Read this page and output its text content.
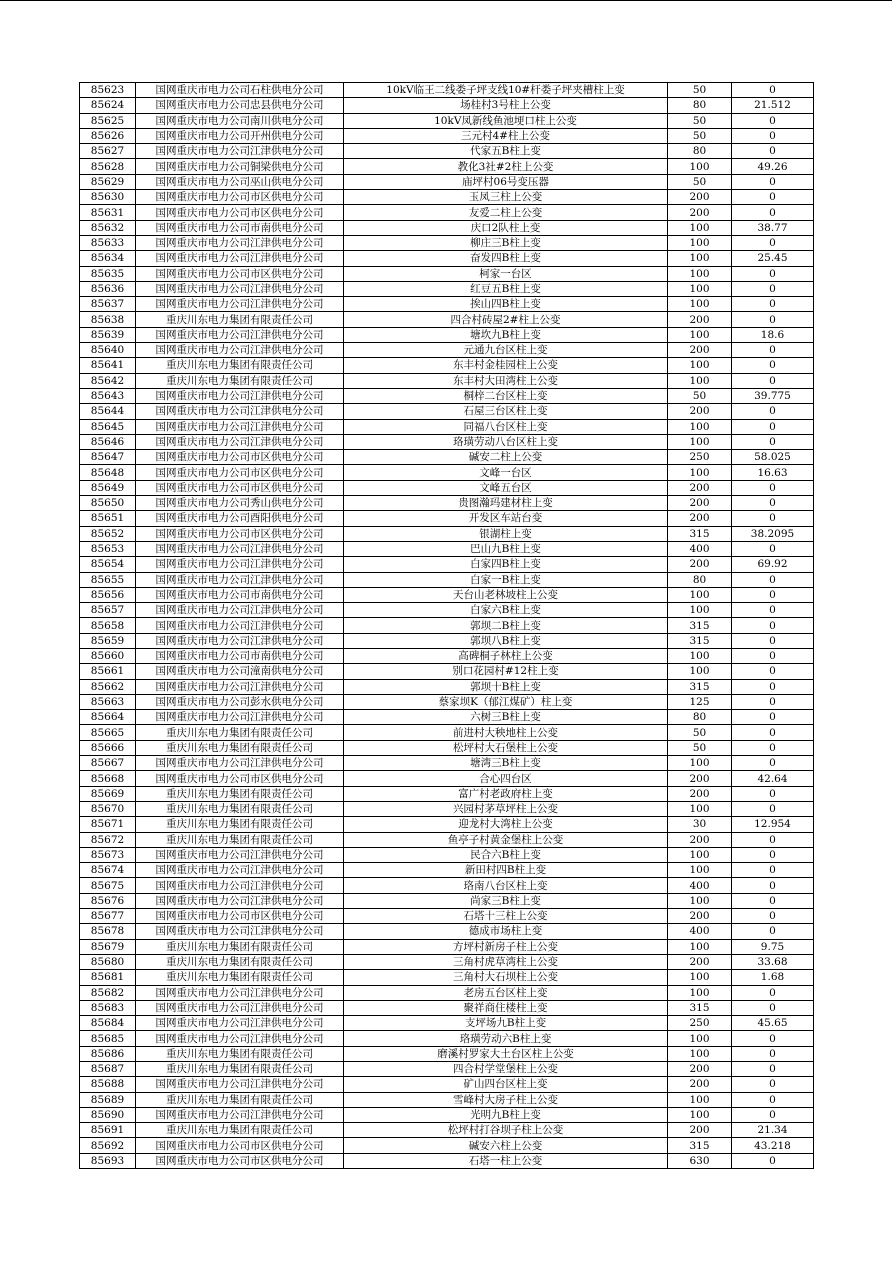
85623	国网重庆市电力公司石柱供电分公司	10kV临王二线娄子坪支线10#杆娄子坪夹槽柱上变	50	0
85624	国网重庆市电力公司忠县供电分公司	场桂村3号柱上公变	80	21.512
85625	国网重庆市电力公司南川供电分公司	10kV凤新线鱼池埂口柱上公变	50	0
85626	国网重庆市电力公司开州供电分公司	三元村4#柱上公变	50	0
85627	国网重庆市电力公司江津供电分公司	代家五B柱上变	80	0
85628	国网重庆市电力公司铜梁供电分公司	教化3社#2柱上公变	100	49.26
85629	国网重庆市电力公司巫山供电分公司	庙坪村06号变压器	50	0
85630	国网重庆市电力公司市区供电分公司	玉凤三柱上公变	200	0
85631	国网重庆市电力公司市区供电分公司	友爱二柱上公变	200	0
85632	国网重庆市电力公司市南供电分公司	庆口2队柱上变	100	38.77
85633	国网重庆市电力公司江津供电分公司	柳庄三B柱上变	100	0
85634	国网重庆市电力公司江津供电分公司	奋发四B柱上变	100	25.45
85635	国网重庆市电力公司市区供电分公司	柯家一台区	100	0
85636	国网重庆市电力公司江津供电分公司	红豆五B柱上变	100	0
85637	国网重庆市电力公司江津供电分公司	挨山四B柱上变	100	0
85638	重庆川东电力集团有限责任公司	四合村砖屋2#柱上公变	200	0
85639	国网重庆市电力公司江津供电分公司	塘坎九B柱上变	100	18.6
85640	国网重庆市电力公司江津供电分公司	元通九台区柱上变	200	0
85641	重庆川东电力集团有限责任公司	东丰村金桂园柱上公变	100	0
85642	重庆川东电力集团有限责任公司	东丰村大田湾柱上公变	100	0
85643	国网重庆市电力公司江津供电分公司	桐梓二台区柱上变	50	39.775
85644	国网重庆市电力公司江津供电分公司	石屋三台区柱上变	200	0
85645	国网重庆市电力公司江津供电分公司	同福八台区柱上变	100	0
85646	国网重庆市电力公司江津供电分公司	珞璜劳动八台区柱上变	100	0
85647	国网重庆市电力公司市区供电分公司	碱安二柱上公变	250	58.025
85648	国网重庆市电力公司市区供电分公司	文峰一台区	100	16.63
85649	国网重庆市电力公司市区供电分公司	文峰五台区	200	0
85650	国网重庆市电力公司秀山供电分公司	贵图瀚玛建材柱上变	200	0
85651	国网重庆市电力公司酉阳供电分公司	开发区车站台变	200	0
85652	国网重庆市电力公司市区供电分公司	银湖柱上变	315	38.2095
85653	国网重庆市电力公司江津供电分公司	巴山九B柱上变	400	0
85654	国网重庆市电力公司江津供电分公司	白家四B柱上变	200	69.92
85655	国网重庆市电力公司江津供电分公司	白家一B柱上变	80	0
85656	国网重庆市电力公司市南供电分公司	天台山老林坡柱上公变	100	0
85657	国网重庆市电力公司江津供电分公司	白家六B柱上变	100	0
85658	国网重庆市电力公司江津供电分公司	郭坝二B柱上变	315	0
85659	国网重庆市电力公司江津供电分公司	郭坝八B柱上变	315	0
85660	国网重庆市电力公司市南供电分公司	高碑桐子林柱上公变	100	0
85661	国网重庆市电力公司潼南供电分公司	别口花园村#12柱上变	100	0
85662	国网重庆市电力公司江津供电分公司	郭坝十B柱上变	315	0
85663	国网重庆市电力公司彭水供电分公司	蔡家坝K（郁江煤矿）柱上变	125	0
85664	国网重庆市电力公司江津供电分公司	六树三B柱上变	80	0
85665	重庆川东电力集团有限责任公司	前进村大秧地柱上公变	50	0
85666	重庆川东电力集团有限责任公司	松坪村大石堡柱上公变	50	0
85667	国网重庆市电力公司江津供电分公司	塘湾三B柱上变	100	0
85668	国网重庆市电力公司市区供电分公司	合心四台区	200	42.64
85669	重庆川东电力集团有限责任公司	富广村老政府柱上变	200	0
85670	重庆川东电力集团有限责任公司	兴园村茅草坪柱上公变	100	0
85671	重庆川东电力集团有限责任公司	迎龙村大湾柱上公变	30	12.954
85672	重庆川东电力集团有限责任公司	鱼亭子村黄金堡柱上公变	200	0
85673	国网重庆市电力公司江津供电分公司	民合六B柱上变	100	0
85674	国网重庆市电力公司江津供电分公司	新田村四B柱上变	100	0
85675	国网重庆市电力公司江津供电分公司	珞南八台区柱上变	400	0
85676	国网重庆市电力公司江津供电分公司	尚家三B柱上变	100	0
85677	国网重庆市电力公司市区供电分公司	石塔十三柱上公变	200	0
85678	国网重庆市电力公司江津供电分公司	德成市场柱上变	400	0
85679	重庆川东电力集团有限责任公司	方坪村新房子柱上公变	100	9.75
85680	重庆川东电力集团有限责任公司	三角村虎草湾柱上公变	200	33.68
85681	重庆川东电力集团有限责任公司	三角村大石坝柱上公变	100	1.68
85682	国网重庆市电力公司江津供电分公司	老房五台区柱上变	100	0
85683	国网重庆市电力公司江津供电分公司	聚祥商住楼柱上变	315	0
85684	国网重庆市电力公司江津供电分公司	支坪场九B柱上变	250	45.65
85685	国网重庆市电力公司江津供电分公司	珞璜劳动六B柱上变	100	0
85686	重庆川东电力集团有限责任公司	磨溪村罗家大土台区柱上公变	100	0
85687	重庆川东电力集团有限责任公司	四合村学堂堡柱上公变	200	0
85688	国网重庆市电力公司江津供电分公司	矿山四台区柱上变	200	0
85689	重庆川东电力集团有限责任公司	雪峰村大房子柱上公变	100	0
85690	国网重庆市电力公司江津供电分公司	光明九B柱上变	100	0
85691	重庆川东电力集团有限责任公司	松坪村打谷坝子柱上公变	200	21.34
85692	国网重庆市电力公司市区供电分公司	碱安六柱上公变	315	43.218
85693	国网重庆市电力公司市区供电分公司	石塔一柱上公变	630	0
